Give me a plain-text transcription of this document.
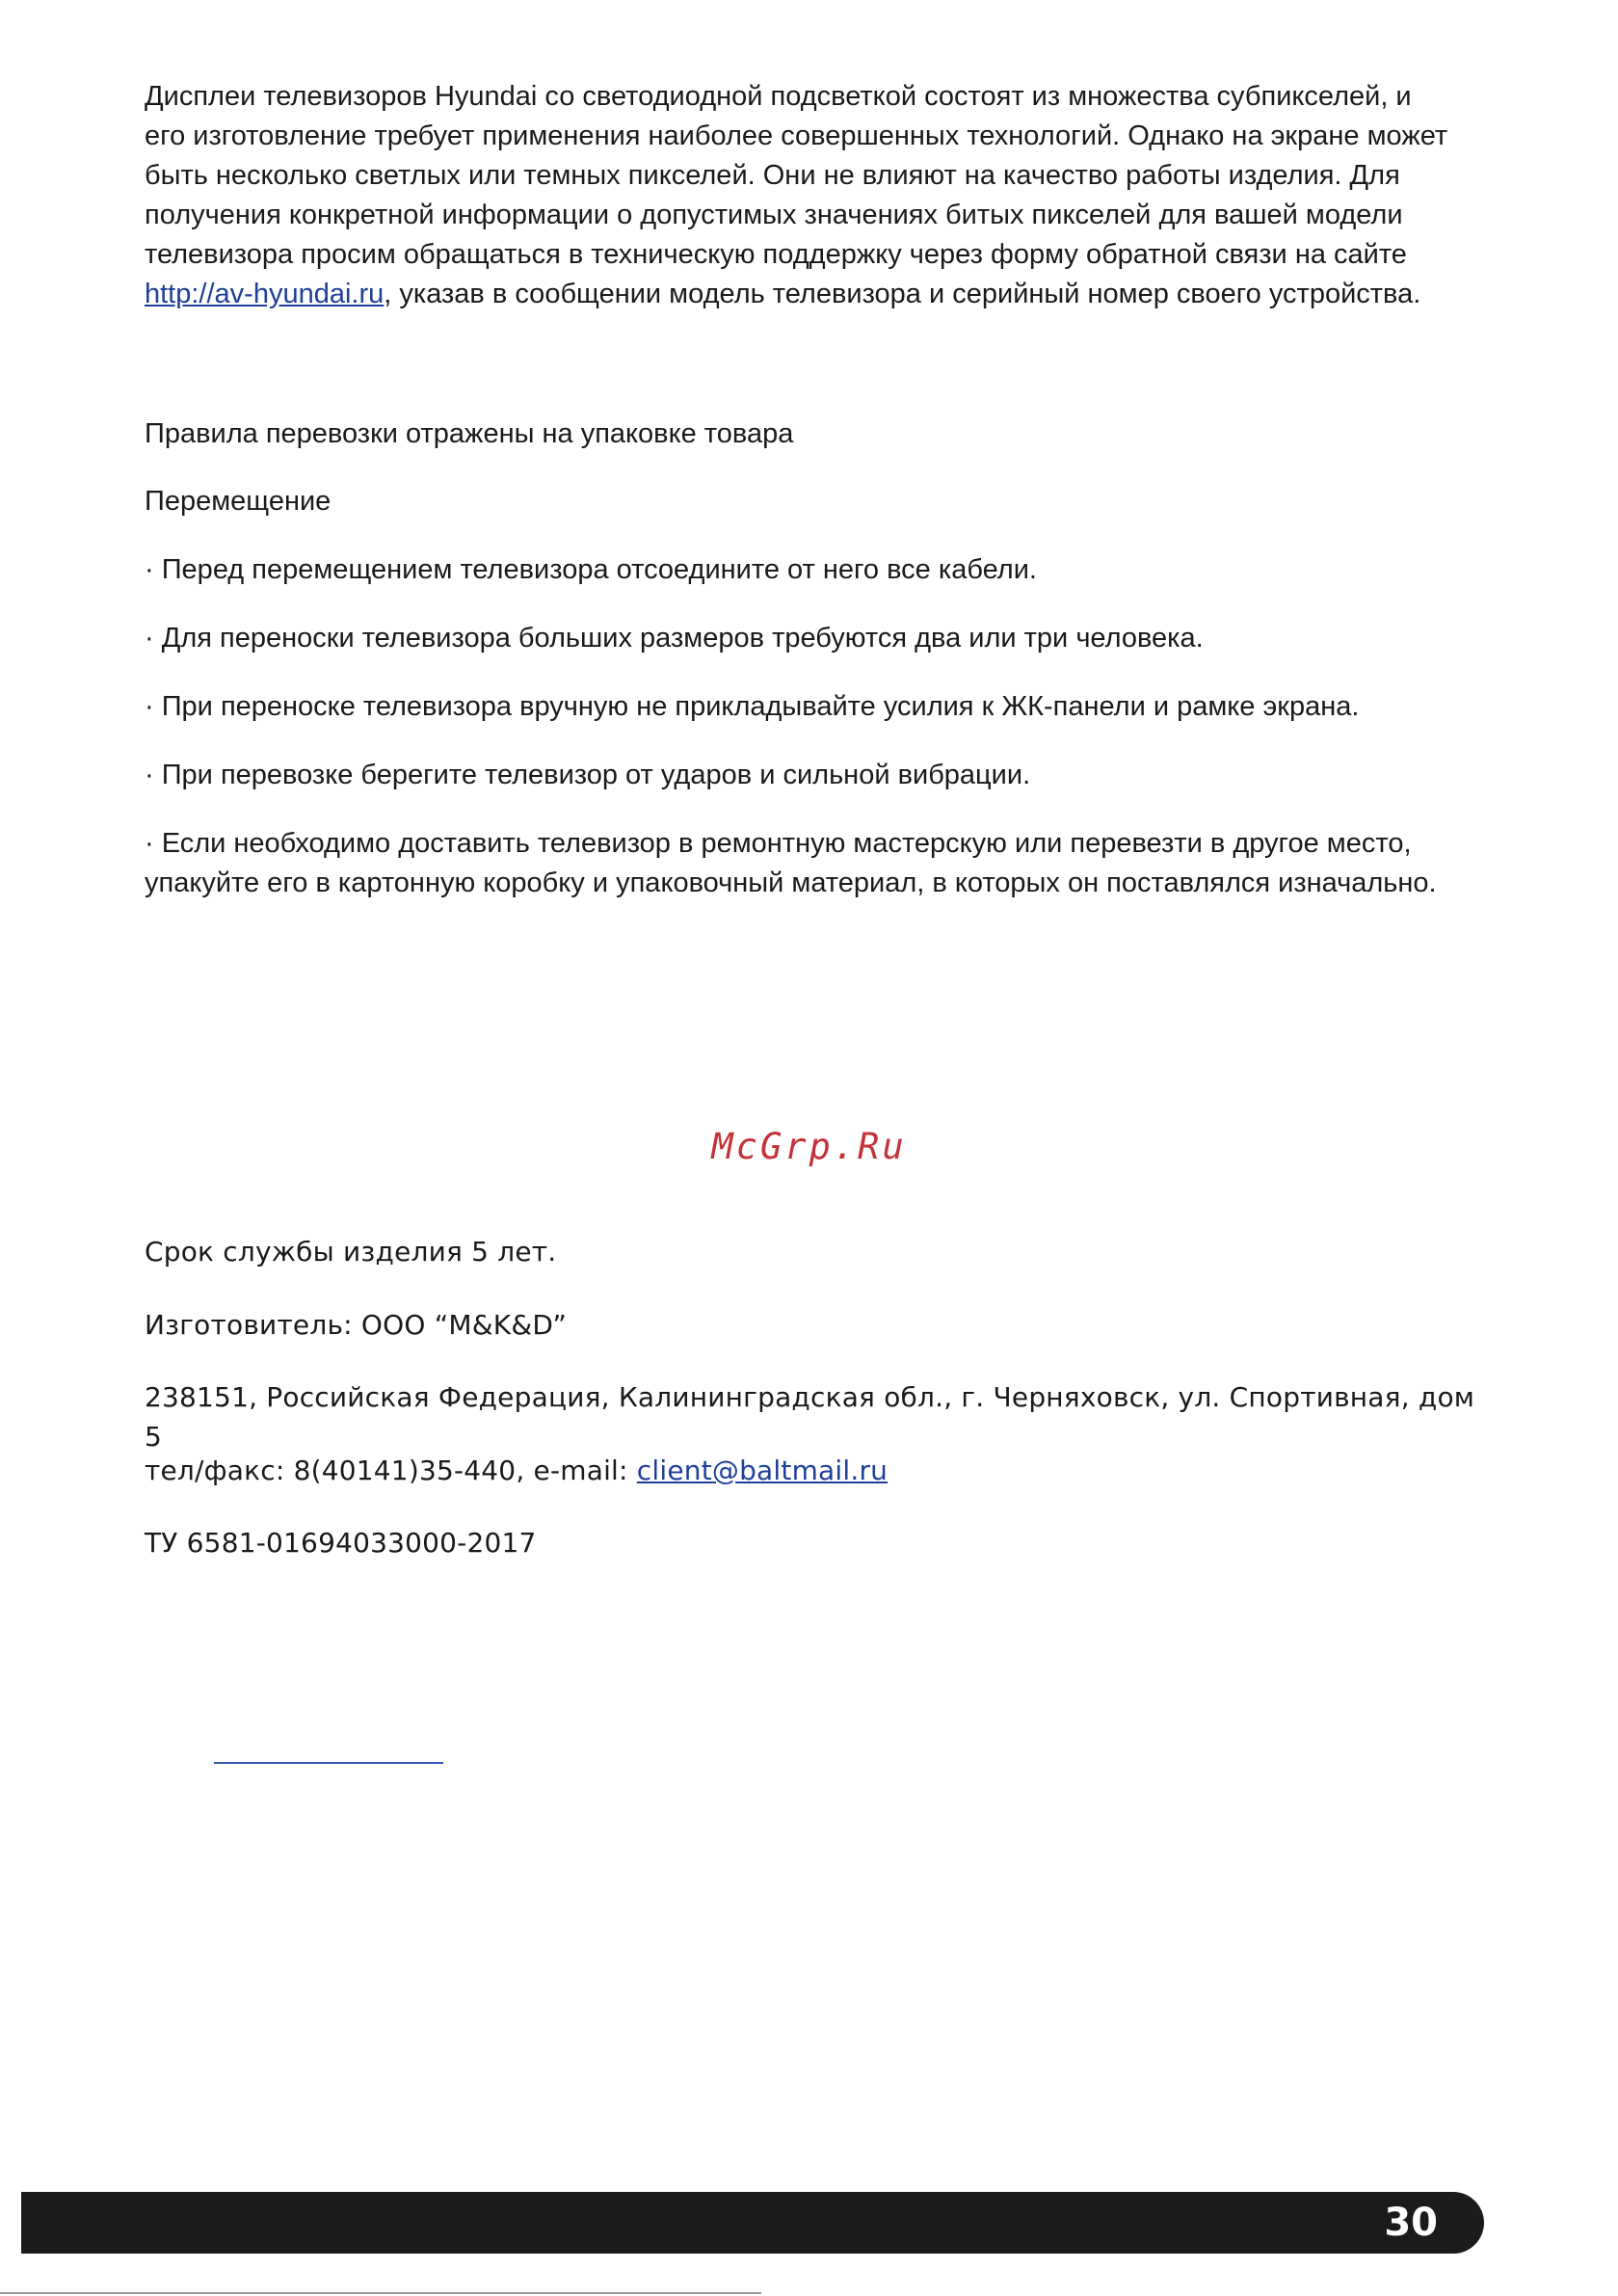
Дисплеи телевизоров Hyundai со светодиодной подсветкой состоят из множества субпикселей, и
его изготовление требует применения наиболее совершенных технологий. Однако на экране может
быть несколько светлых или темных пикселей. Они не влияют на качество работы изделия. Для
получения конкретной информации о допустимых значениях битых пикселей для вашей модели
телевизора просим обращаться в техническую поддержку через форму обратной связи на сайте
http://av-hyundai.ru, указав в сообщении модель телевизора и серийный номер своего устройства.

Правила перевозки отражены на упаковке товара

Перемещение

· Перед перемещением телевизора отсоедините от него все кабели.

· Для переноски телевизора больших размеров требуются два или три человека.

· При переноске телевизора вручную не прикладывайте усилия к ЖК-панели и рамке экрана.

· При перевозке берегите телевизор от ударов и сильной вибрации.

· Если необходимо доставить телевизор в ремонтную мастерскую или перевезти в другое место,
упакуйте его в картонную коробку и упаковочный материал, в которых он поставлялся изначально.

McGrp.Ru

Срок службы изделия 5 лет.

Изготовитель: ООО “M&K&D”

238151, Российская Федерация, Калининградская обл., г. Черняховск, ул. Спортивная, дом 5

тел/факс: 8(40141)35-440, e-mail: client@baltmail.ru

ТУ 6581-01694033000-2017

30
